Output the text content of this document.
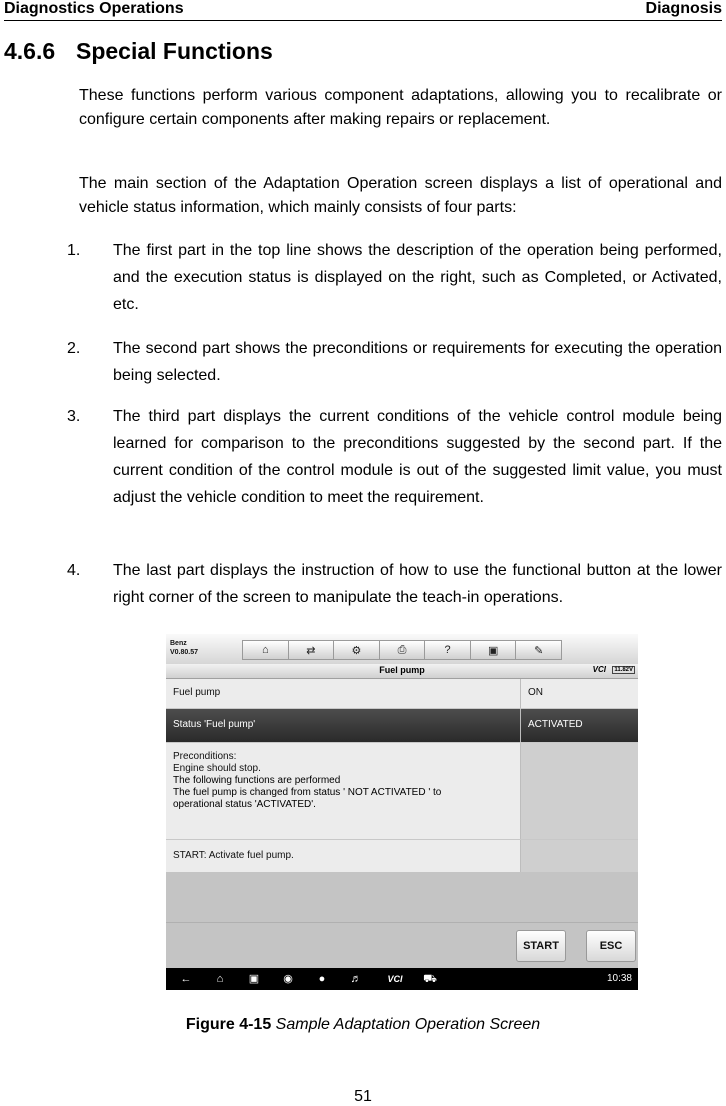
Diagnostics Operations	Diagnosis
4.6.6 Special Functions
These functions perform various component adaptations, allowing you to recalibrate or configure certain components after making repairs or replacement.
The main section of the Adaptation Operation screen displays a list of operational and vehicle status information, which mainly consists of four parts:
1. The first part in the top line shows the description of the operation being performed, and the execution status is displayed on the right, such as Completed, or Activated, etc.
2. The second part shows the preconditions or requirements for executing the operation being selected.
3. The third part displays the current conditions of the vehicle control module being learned for comparison to the preconditions suggested by the second part. If the current condition of the control module is out of the suggested limit value, you must adjust the vehicle condition to meet the requirement.
4. The last part displays the instruction of how to use the functional button at the lower right corner of the screen to manipulate the teach-in operations.
Benz
V0.80.57	⌂	⇄	⚙	⎙	?	▣	✎
Fuel pump	VCI	11.82V
Fuel pump	ON
Status 'Fuel pump'	ACTIVATED
Preconditions:
Engine should stop.
The following functions are performed
The fuel pump is changed from status ' NOT ACTIVATED ' to
operational status 'ACTIVATED'.
START: Activate fuel pump.
START	ESC
←	⌂	▣ ◉	●	♬	VCI	⛟	10:38
Figure 4-15 Sample Adaptation Operation Screen
51
